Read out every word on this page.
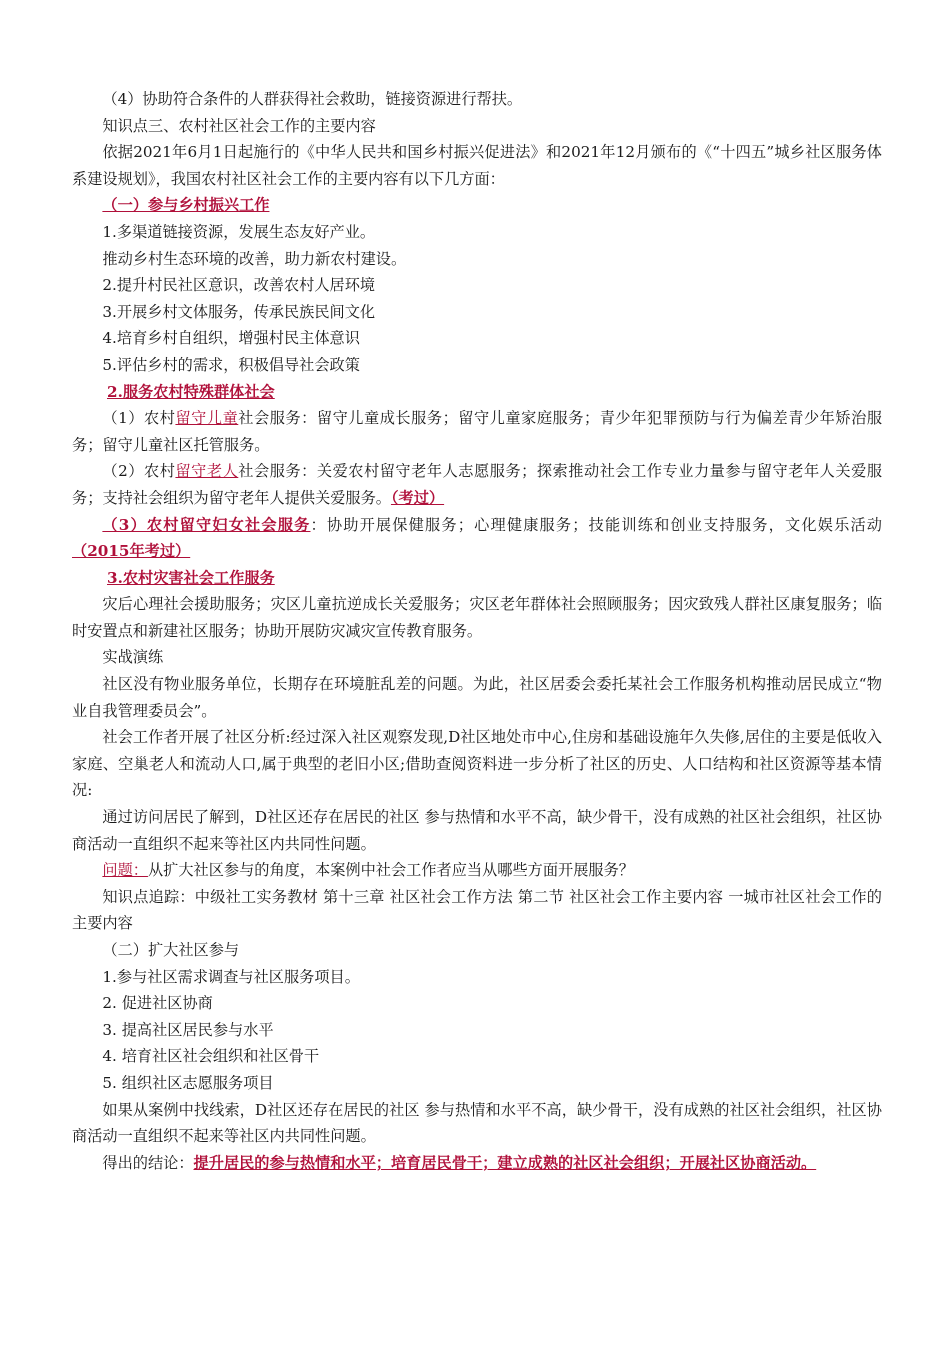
（4）协助符合条件的人群获得社会救助，链接资源进行帮扶。

知识点三、农村社区社会工作的主要内容

依据2021年6月1日起施行的《中华人民共和国乡村振兴促进法》和2021年12月颁布的《“十四五”城乡社区服务体系建设规划》，我国农村社区社会工作的主要内容有以下几方面：

（一）参与乡村振兴工作

1.多渠道链接资源，发展生态友好产业。

推动乡村生态环境的改善，助力新农村建设。

2.提升村民社区意识，改善农村人居环境

3.开展乡村文体服务，传承民族民间文化

4.培育乡村自组织，增强村民主体意识

5.评估乡村的需求，积极倡导社会政策

2.服务农村特殊群体社会

（1）农村留守儿童社会服务：留守儿童成长服务；留守儿童家庭服务；青少年犯罪预防与行为偏差青少年矫治服务；留守儿童社区托管服务。

（2）农村留守老人社会服务：关爱农村留守老年人志愿服务；探索推动社会工作专业力量参与留守老年人关爱服务；支持社会组织为留守老年人提供关爱服务。（考过）

（3）农村留守妇女社会服务：协助开展保健服务；心理健康服务；技能训练和创业支持服务，文化娱乐活动（2015年考过）

3.农村灾害社会工作服务

灾后心理社会援助服务；灾区儿童抗逆成长关爱服务；灾区老年群体社会照顾服务；因灾致残人群社区康复服务；临时安置点和新建社区服务；协助开展防灾减灾宣传教育服务。

实战演练

社区没有物业服务单位，长期存在环境脏乱差的问题。为此，社区居委会委托某社会工作服务机构推动居民成立“物业自我管理委员会”。

社会工作者开展了社区分析:经过深入社区观察发现,D社区地处市中心,住房和基础设施年久失修,居住的主要是低收入家庭、空巢老人和流动人口,属于典型的老旧小区;借助查阅资料进一步分析了社区的历史、人口结构和社区资源等基本情况:

通过访问居民了解到，D社区还存在居民的社区 参与热情和水平不高，缺少骨干，没有成熟的社区社会组织，社区协商活动一直组织不起来等社区内共同性问题。

问题：从扩大社区参与的角度，本案例中社会工作者应当从哪些方面开展服务？

知识点追踪：中级社工实务教材 第十三章 社区社会工作方法 第二节 社区社会工作主要内容 一城市社区社会工作的主要内容

（二）扩大社区参与

1.参与社区需求调查与社区服务项目。

2. 促进社区协商

3. 提高社区居民参与水平

4. 培育社区社会组织和社区骨干

5. 组织社区志愿服务项目

如果从案例中找线索，D社区还存在居民的社区 参与热情和水平不高，缺少骨干，没有成熟的社区社会组织，社区协商活动一直组织不起来等社区内共同性问题。

得出的结论：提升居民的参与热情和水平；培育居民骨干；建立成熟的社区社会组织；开展社区协商活动。
